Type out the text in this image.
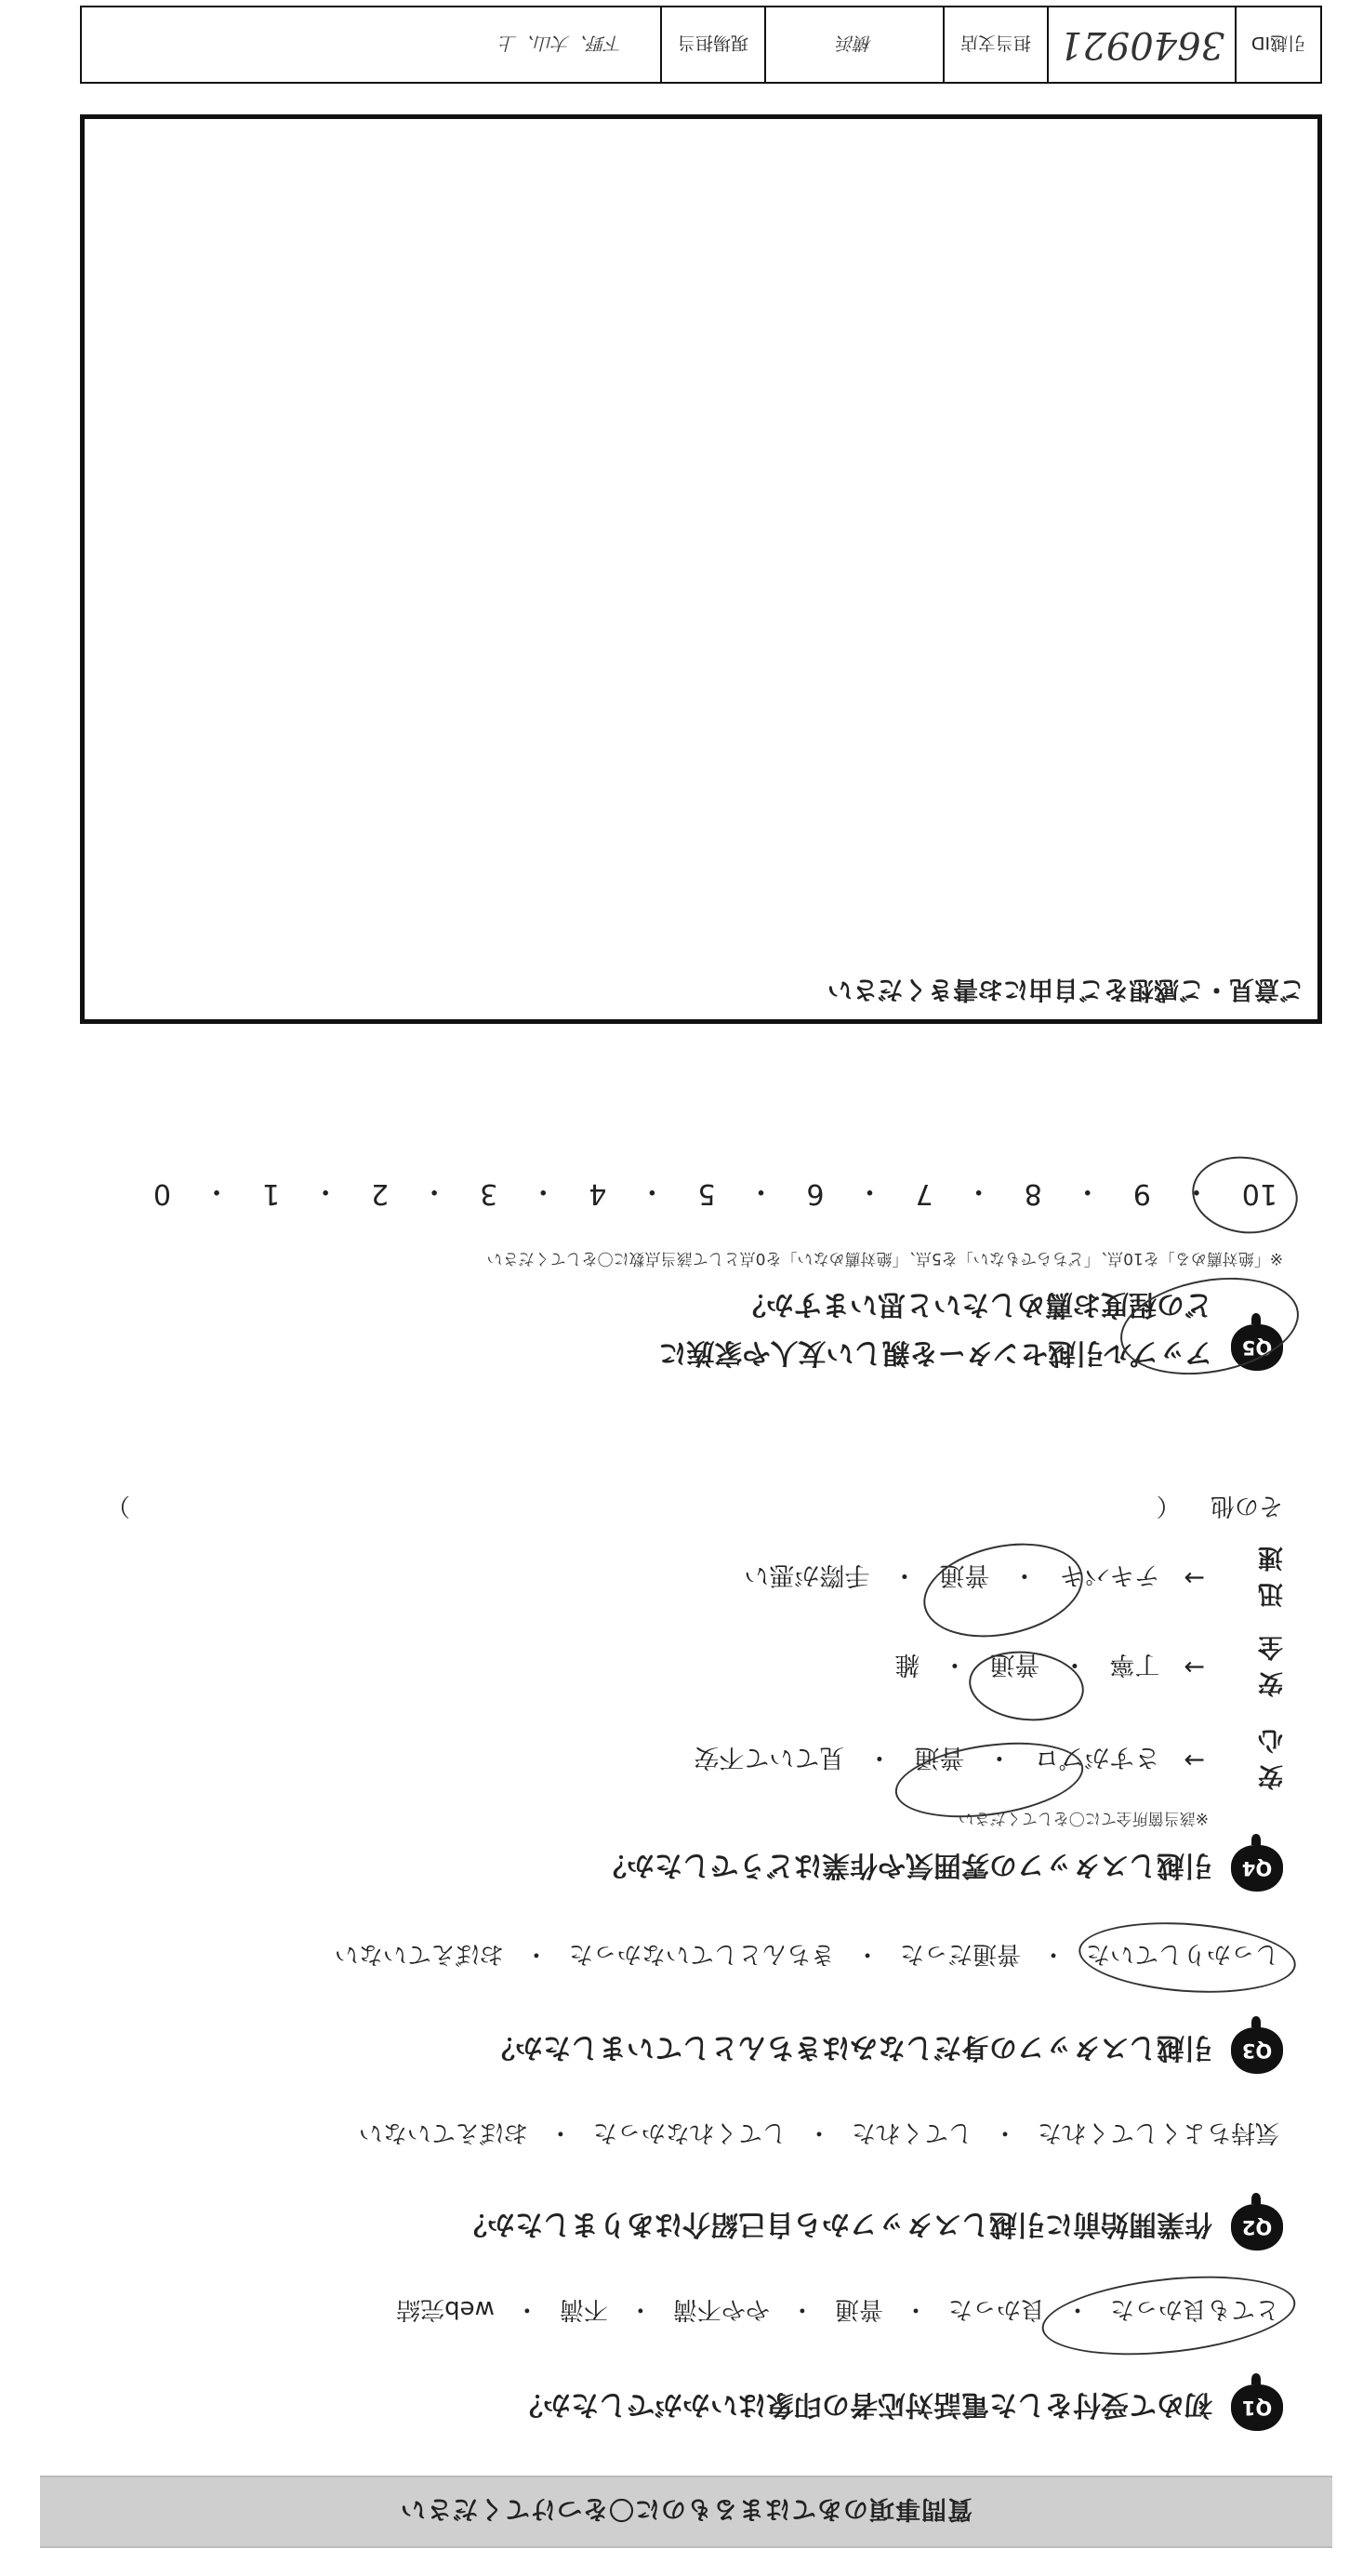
質問事項のあてはまるものに〇をつけてください
Q1
初めて受付をした電話対応者の印象はいかがでしたか？
とても良かった
・
良かった
・
普通
・
やや不満
・
不満
・
web完結
Q2
作業開始前に引越しスタッフから自己紹介はありましたか？
気持ちよくしてくれた
・
してくれた
・
してくれなかった
・
おぼえていない
Q3
引越しスタッフの身だしなみはきちんとしていましたか？
しっかりしていた
・
普通だった
・
きちんとしていなかった
・
おぼえていない
Q4
引越しスタッフの雰囲気や作業はどうでしたか？
※該当箇所全てに〇をしてください
安心
→
さすがプロ
・
普通
・
見ていて不安
安全
→
丁寧
・
普通
・
雑
迅速
→
テキパキ
・
普通
・
手際が悪い
その他 （
）
Q5
アップル引越センターを親しい友人や家族に
どの程度お薦めしたいと思いますか？
※「絶対薦める」を10点、「どちらでもない」を5点、「絶対薦めない」を0点として該当点数に〇をしてください
10
・
9
・
8
・
7
・
6
・
5
・
4
・
3
・
2
・
1
・
0
ご意見・ご感想をご自由にお書きください
引越ID
3640921
担当支店
横浜
現場担当
下野、大山、上
